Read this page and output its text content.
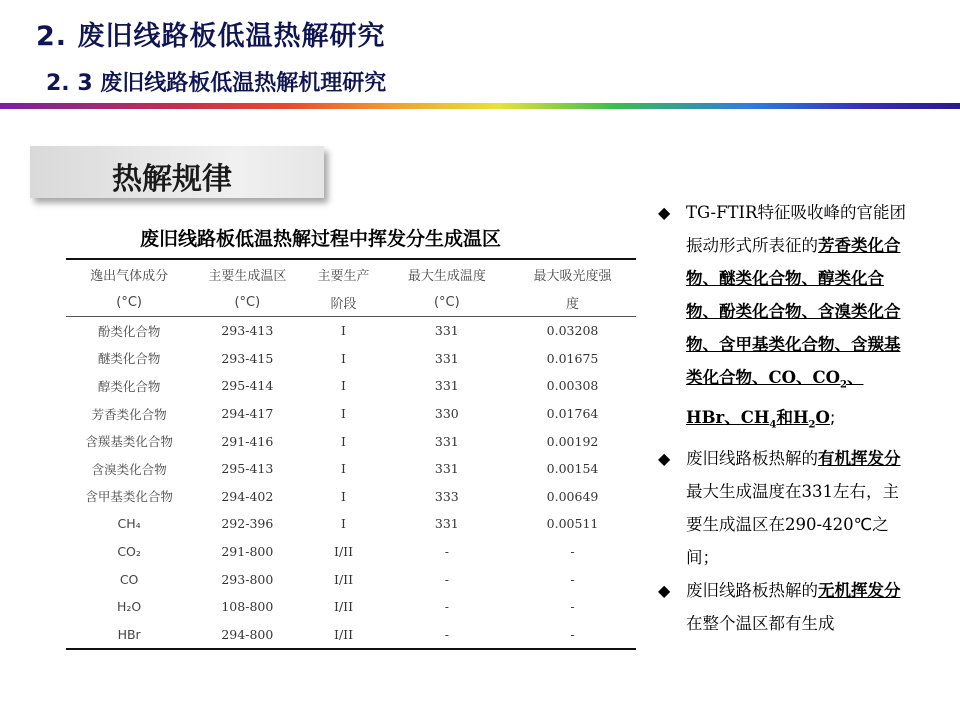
2. 废旧线路板低温热解研究
2. 3 废旧线路板低温热解机理研究
热解规律
废旧线路板低温热解过程中挥发分生成温区
逸出气体成分	主要生成温区	主要生产	最大生成温度	最大吸光度强
(°C)	(°C)	阶段	(°C)	度
酚类化合物	293-413	I	331	0.03208
醚类化合物	293-415	I	331	0.01675
醇类化合物	295-414	I	331	0.00308
芳香类化合物	294-417	I	330	0.01764
含羰基类化合物	291-416	I	331	0.00192
含溴类化合物	295-413	I	331	0.00154
含甲基类化合物	294-402	I	333	0.00649
CH₄	292-396	I	331	0.00511
CO₂	291-800	I/II	-	-
CO	293-800	I/II	-	-
H₂O	108-800	I/II	-	-
HBr	294-800	I/II	-	-
◆ TG-FTIR特征吸收峰的官能团振动形式所表征的芳香类化合物、醚类化合物、醇类化合物、酚类化合物、含溴类化合物、含甲基类化合物、含羰基类化合物、CO、$CO_2$、HBr、$CH_4$和$H_2O$;
◆ 废旧线路板热解的有机挥发分最大生成温度在331左右，主要生成温区在290-420℃之间；
◆ 废旧线路板热解的无机挥发分在整个温区都有生成
